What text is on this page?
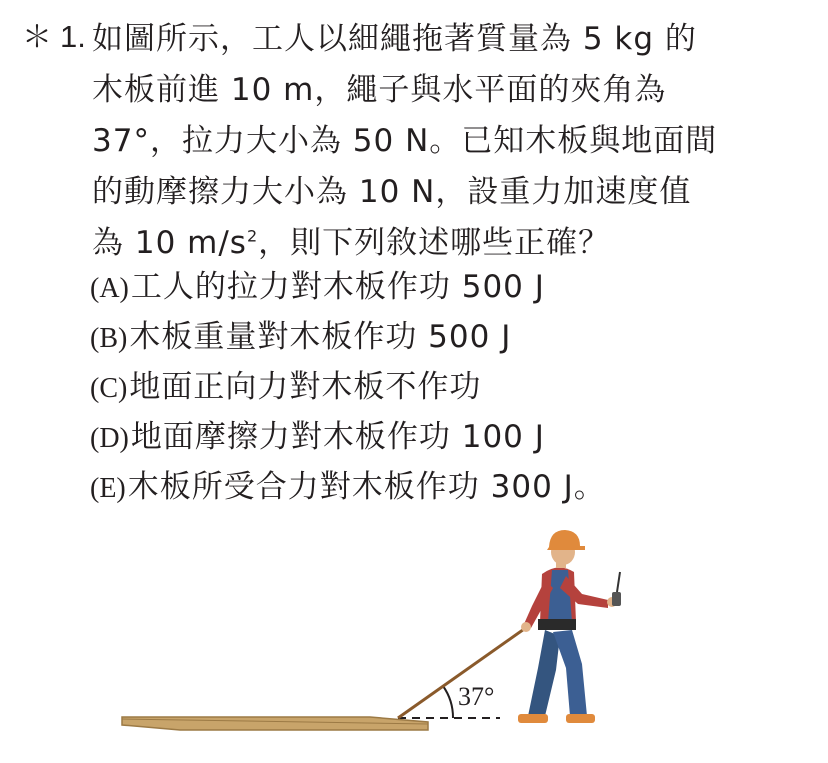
＊ 1. 如圖所示，工人以細繩拖著質量為 5 kg 的
木板前進 10 m，繩子與水平面的夾角為
37°，拉力大小為 50 N。已知木板與地面間
的動摩擦力大小為 10 N，設重力加速度值
為 10 $m/s^2$，則下列敘述哪些正確？
(A)工人的拉力對木板作功 500 J
(B)木板重量對木板作功 500 J
(C)地面正向力對木板不作功
(D)地面摩擦力對木板作功 100 J
(E)木板所受合力對木板作功 300 J。
37°
